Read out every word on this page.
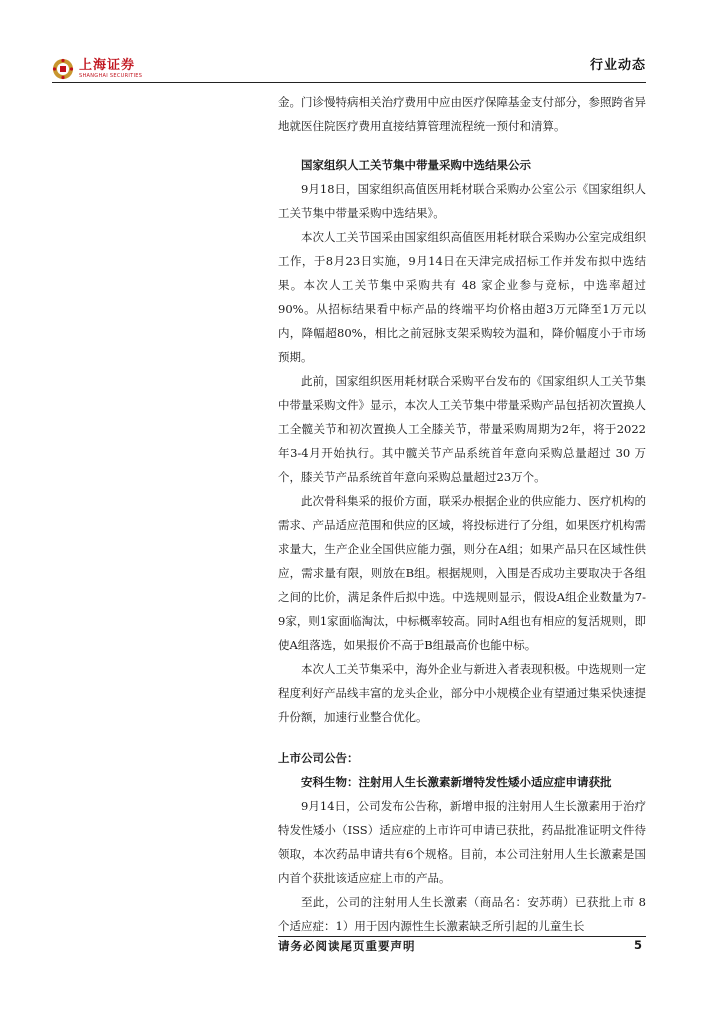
上海证券
SHANGHAI SECURITIES
行业动态

金。门诊慢特病相关治疗费用中应由医疗保障基金支付部分，参照跨省异地就医住院医疗费用直接结算管理流程统一预付和清算。

国家组织人工关节集中带量采购中选结果公示

9月18日，国家组织高值医用耗材联合采购办公室公示《国家组织人工关节集中带量采购中选结果》。

本次人工关节国采由国家组织高值医用耗材联合采购办公室完成组织工作，于8月23日实施，9月14日在天津完成招标工作并发布拟中选结果。本次人工关节集中采购共有 48 家企业参与竞标，中选率超过90%。从招标结果看中标产品的终端平均价格由超3万元降至1万元以内，降幅超80%，相比之前冠脉支架采购较为温和，降价幅度小于市场预期。

此前，国家组织医用耗材联合采购平台发布的《国家组织人工关节集中带量采购文件》显示，本次人工关节集中带量采购产品包括初次置换人工全髋关节和初次置换人工全膝关节，带量采购周期为2年，将于2022年3-4月开始执行。其中髋关节产品系统首年意向采购总量超过 30 万个，膝关节产品系统首年意向采购总量超过23万个。

此次骨科集采的报价方面，联采办根据企业的供应能力、医疗机构的需求、产品适应范围和供应的区域，将投标进行了分组，如果医疗机构需求量大，生产企业全国供应能力强，则分在A组；如果产品只在区域性供应，需求量有限，则放在B组。根据规则，入围是否成功主要取决于各组之间的比价，满足条件后拟中选。中选规则显示，假设A组企业数量为7-9家，则1家面临淘汰，中标概率较高。同时A组也有相应的复活规则，即使A组落选，如果报价不高于B组最高价也能中标。

本次人工关节集采中，海外企业与新进入者表现积极。中选规则一定程度利好产品线丰富的龙头企业，部分中小规模企业有望通过集采快速提升份额，加速行业整合优化。

上市公司公告：

安科生物：注射用人生长激素新增特发性矮小适应症申请获批

9月14日，公司发布公告称，新增申报的注射用人生长激素用于治疗特发性矮小（ISS）适应症的上市许可申请已获批，药品批准证明文件待领取，本次药品申请共有6个规格。目前，本公司注射用人生长激素是国内首个获批该适应症上市的产品。

至此，公司的注射用人生长激素（商品名：安苏萌）已获批上市 8 个适应症：1）用于因内源性生长激素缺乏所引起的儿童生长

请务必阅读尾页重要声明	5
